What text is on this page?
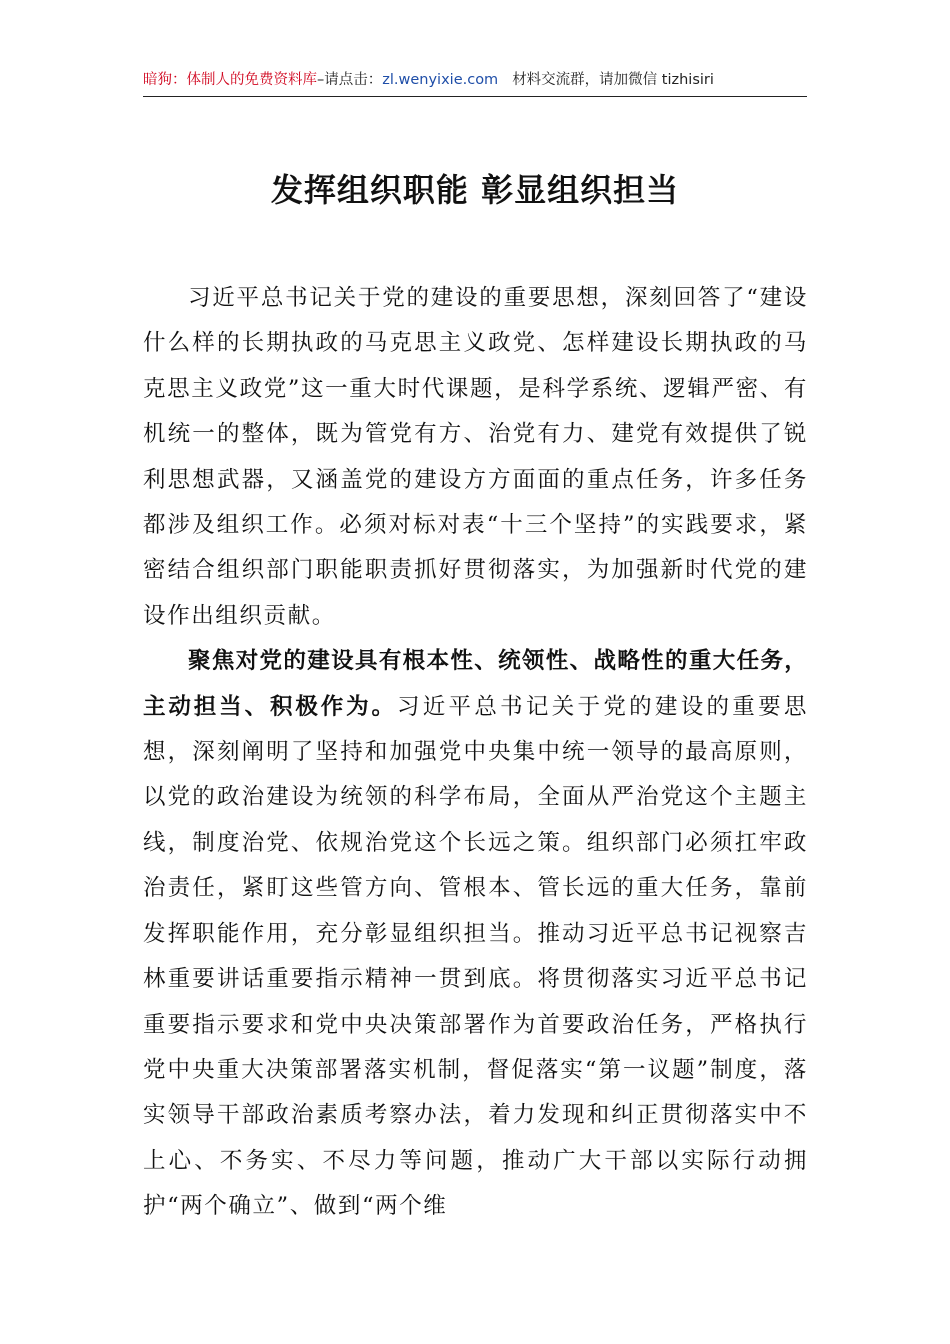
暗狗：体制人的免费资料库–请点击：zl.wenyixie.com 材料交流群，请加微信 tizhisiri
发挥组织职能 彰显组织担当

习近平总书记关于党的建设的重要思想，深刻回答了“建设什么样的长期执政的马克思主义政党、怎样建设长期执政的马克思主义政党”这一重大时代课题，是科学系统、逻辑严密、有机统一的整体，既为管党有方、治党有力、建党有效提供了锐利思想武器，又涵盖党的建设方方面面的重点任务，许多任务都涉及组织工作。必须对标对表“十三个坚持”的实践要求，紧密结合组织部门职能职责抓好贯彻落实，为加强新时代党的建设作出组织贡献。

聚焦对党的建设具有根本性、统领性、战略性的重大任务，主动担当、积极作为。习近平总书记关于党的建设的重要思想，深刻阐明了坚持和加强党中央集中统一领导的最高原则，以党的政治建设为统领的科学布局，全面从严治党这个主题主线，制度治党、依规治党这个长远之策。组织部门必须扛牢政治责任，紧盯这些管方向、管根本、管长远的重大任务，靠前发挥职能作用，充分彰显组织担当。推动习近平总书记视察吉林重要讲话重要指示精神一贯到底。将贯彻落实习近平总书记重要指示要求和党中央决策部署作为首要政治任务，严格执行党中央重大决策部署落实机制，督促落实“第一议题”制度，落实领导干部政治素质考察办法，着力发现和纠正贯彻落实中不上心、不务实、不尽力等问题，推动广大干部以实际行动拥护“两个确立”、做到“两个维
